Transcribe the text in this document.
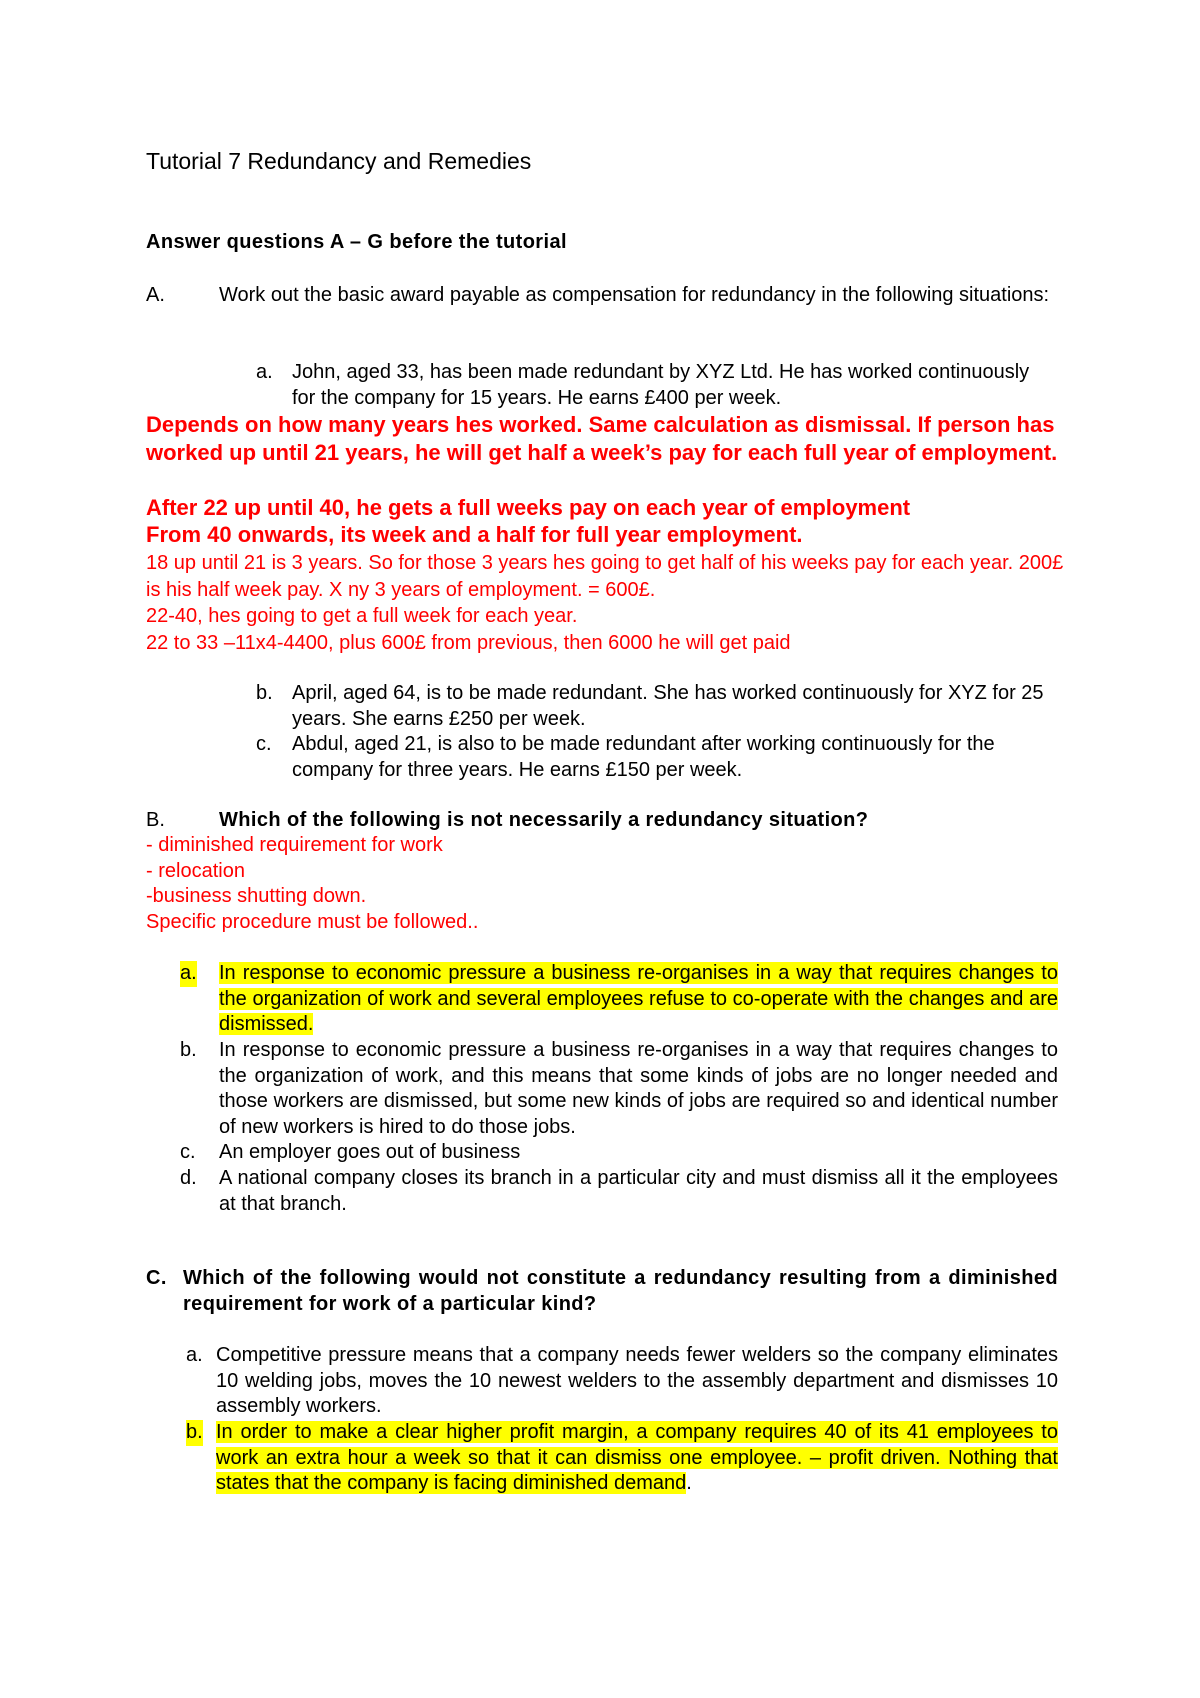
Tutorial 7 Redundancy and Remedies
Answer questions A – G before the tutorial
A.	Work out the basic award payable as compensation for redundancy in the following situations:
a. John, aged 33, has been made redundant by XYZ Ltd. He has worked continuously for the company for 15 years. He earns £400 per week.
Depends on how many years hes worked. Same calculation as dismissal. If person has worked up until 21 years, he will get half a week’s pay for each full year of employment.
After 22 up until 40, he gets a full weeks pay on each year of employment
From 40 onwards, its week and a half for full year employment.
18 up until 21 is 3 years. So for those 3 years hes going to get half of his weeks pay for each year. 200£ is his half week pay. X ny 3 years of employment. = 600£.
22-40, hes going to get a full week for each year.
22 to 33 –11x4-4400, plus 600£ from previous, then 6000 he will get paid
b. April, aged 64, is to be made redundant. She has worked continuously for XYZ for 25 years. She earns £250 per week.
c. Abdul, aged 21, is also to be made redundant after working continuously for the company for three years. He earns £150 per week.
B.	Which of the following is not necessarily a redundancy situation?
- diminished requirement for work
- relocation
-business shutting down.
Specific procedure must be followed..
a. In response to economic pressure a business re-organises in a way that requires changes to the organization of work and several employees refuse to co-operate with the changes and are dismissed.
b. In response to economic pressure a business re-organises in a way that requires changes to the organization of work, and this means that some kinds of jobs are no longer needed and those workers are dismissed, but some new kinds of jobs are required so and identical number of new workers is hired to do those jobs.
c. An employer goes out of business
d. A national company closes its branch in a particular city and must dismiss all it the employees at that branch.
C. Which of the following would not constitute a redundancy resulting from a diminished requirement for work of a particular kind?
a. Competitive pressure means that a company needs fewer welders so the company eliminates 10 welding jobs, moves the 10 newest welders to the assembly department and dismisses 10 assembly workers.
b. In order to make a clear higher profit margin, a company requires 40 of its 41 employees to work an extra hour a week so that it can dismiss one employee. – profit driven. Nothing that states that the company is facing diminished demand.
